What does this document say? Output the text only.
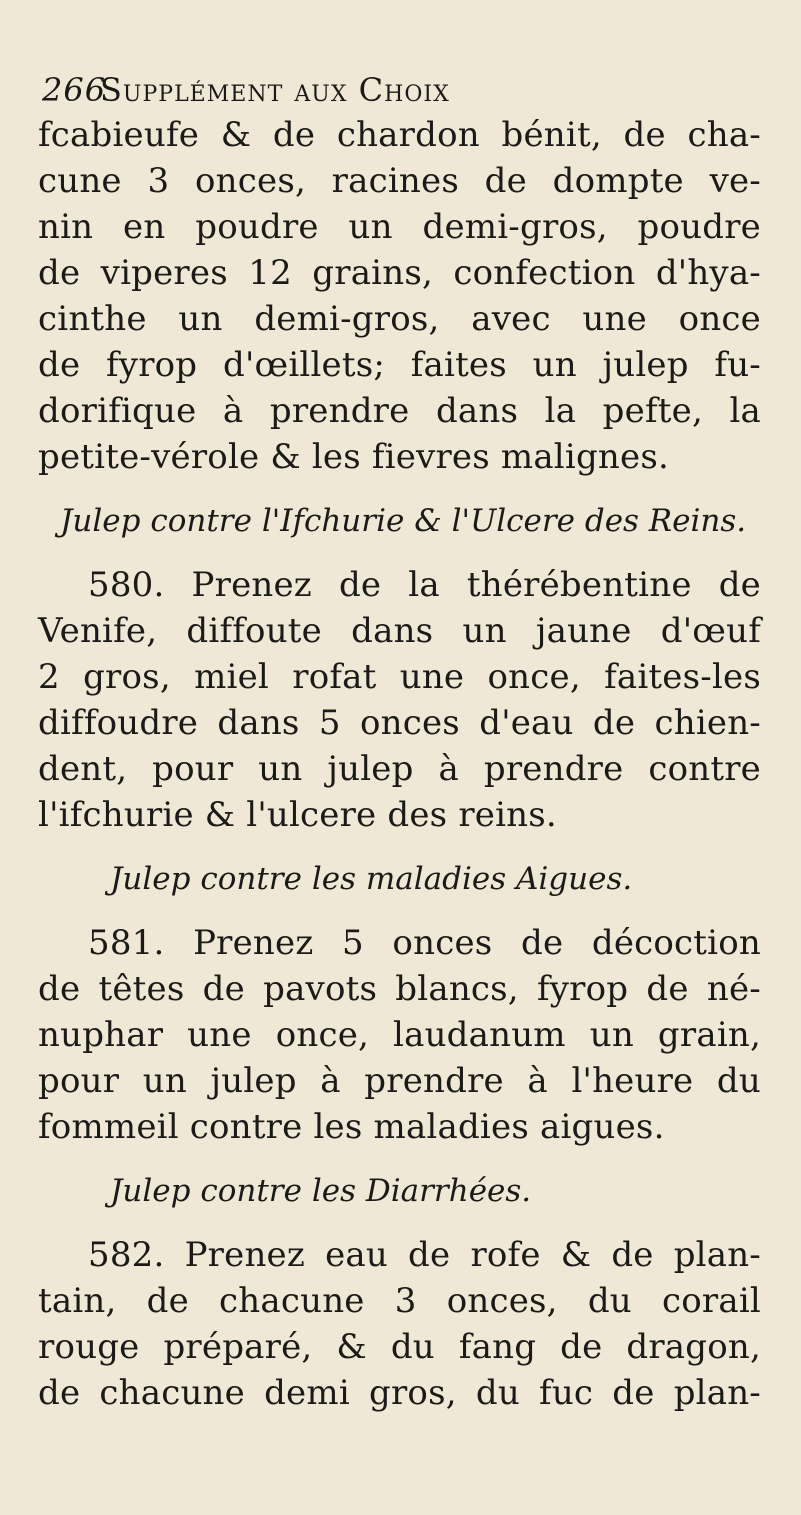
266
Supplément aux Choix
fcabieufe & de chardon bénit, de cha-
cune 3 onces, racines de dompte ve-
nin en poudre un demi-gros, poudre
de viperes 12 grains, confection d'hya-
cinthe un demi-gros, avec une once
de fyrop d'œillets; faites un julep fu-
dorifique à prendre dans la pefte, la
petite-vérole & les fievres malignes.
Julep contre l'Ifchurie & l'Ulcere des Reins.
580. Prenez de la thérébentine de
Venife, diffoute dans un jaune d'œuf
2 gros, miel rofat une once, faites-les
diffoudre dans 5 onces d'eau de chien-
dent, pour un julep à prendre contre
l'ifchurie & l'ulcere des reins.
Julep contre les maladies Aigues.
581. Prenez 5 onces de décoction
de têtes de pavots blancs, fyrop de né-
nuphar une once, laudanum un grain,
pour un julep à prendre à l'heure du
fommeil contre les maladies aigues.
Julep contre les Diarrhées.
582. Prenez eau de rofe & de plan-
tain, de chacune 3 onces, du corail
rouge préparé, & du fang de dragon,
de chacune demi gros, du fuc de plan-
